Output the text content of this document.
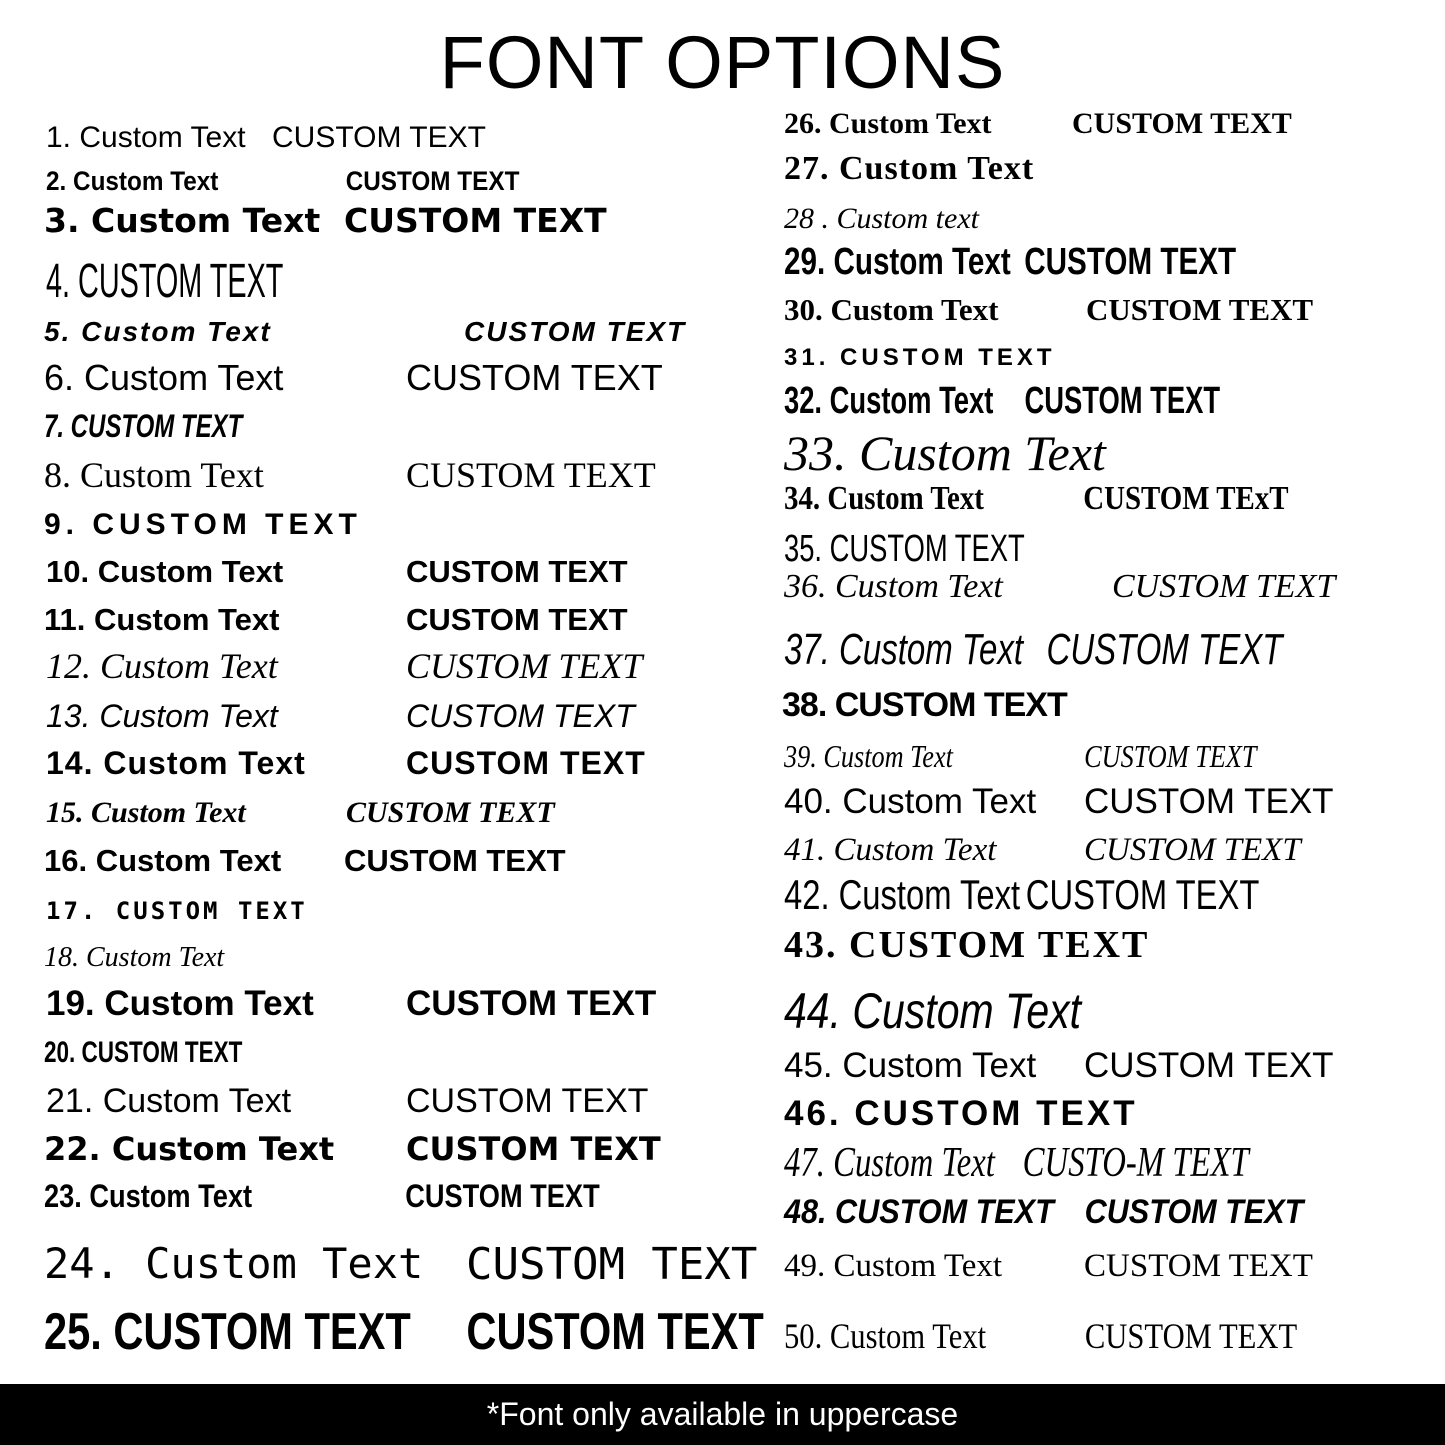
FONT OPTIONS
1. Custom Text CUSTOM TEXT
2. Custom Text	CUSTOM TEXT
3. Custom Text CUSTOM TEXT
4. CUSTOM TEXT
5. Custom Text	CUSTOM TEXT
6. Custom Text	CUSTOM TEXT
7. CUSTOM TEXT
8. Custom Text	CUSTOM TEXT
9. CUSTOM TEXT
10. Custom Text	CUSTOM TEXT
11. Custom Text	CUSTOM TEXT
12. Custom Text	CUSTOM TEXT
13. Custom Text	CUSTOM TEXT
14. Custom Text	CUSTOM TEXT
15. Custom Text	CUSTOM TEXT
16. Custom Text CUSTOM TEXT
17. CUSTOM TEXT
18. Custom Text
19. Custom Text	CUSTOM TEXT
20. CUSTOM TEXT
21. Custom Text	CUSTOM TEXT
22. Custom Text CUSTOM TEXT
23. Custom Text	CUSTOM TEXT
24. Custom Text CUSTOM TEXT
25. CUSTOM TEXT CUSTOM TEXT
26. Custom Text	CUSTOM TEXT
27. Custom Text
28 . Custom text
29. Custom Text CUSTOM TEXT
30. Custom Text	CUSTOM TEXT
31. CUSTOM TEXT
32. Custom Text CUSTOM TEXT
33. Custom Text
34. Custom Text	CUSTOM TExT
35. CUSTOM TEXT
36. Custom Text	CUSTOM TEXT
37. Custom Text CUSTOM TEXT
38. CUSTOM TEXT
39. Custom Text	CUSTOM TEXT
40. Custom Text CUSTOM TEXT
41. Custom Text	CUSTOM TEXT
42. Custom Text CUSTOM TEXT
43. CUSTOM TEXT
44. Custom Text
45. Custom Text CUSTOM TEXT
46. CUSTOM TEXT
47. Custom Text CUSTO-M TEXT
48. CUSTOM TEXT CUSTOM TEXT
49. Custom Text CUSTOM TEXT
50. Custom Text	CUSTOM TEXT
*Font only available in uppercase
